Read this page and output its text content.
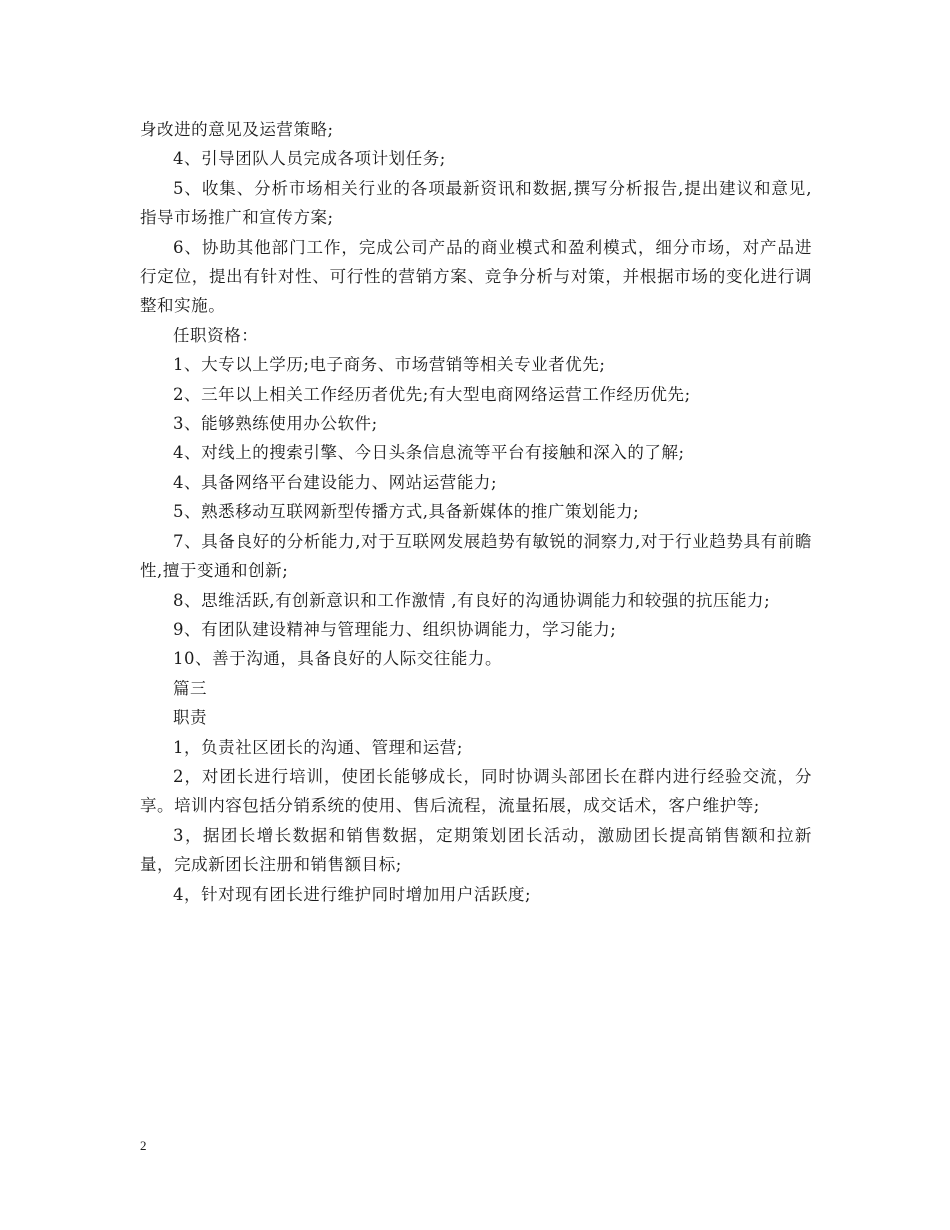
身改进的意见及运营策略;

4、引导团队人员完成各项计划任务;

5、收集、分析市场相关行业的各项最新资讯和数据,撰写分析报告,提出建议和意见,指导市场推广和宣传方案;

6、协助其他部门工作，完成公司产品的商业模式和盈利模式，细分市场，对产品进行定位，提出有针对性、可行性的营销方案、竞争分析与对策，并根据市场的变化进行调整和实施。

任职资格：

1、大专以上学历;电子商务、市场营销等相关专业者优先;

2、三年以上相关工作经历者优先;有大型电商网络运营工作经历优先;

3、能够熟练使用办公软件;

4、对线上的搜索引擎、今日头条信息流等平台有接触和深入的了解;

4、具备网络平台建设能力、网站运营能力;

5、熟悉移动互联网新型传播方式,具备新媒体的推广策划能力;

7、具备良好的分析能力,对于互联网发展趋势有敏锐的洞察力,对于行业趋势具有前瞻性,擅于变通和创新;

8、思维活跃,有创新意识和工作激情 ,有良好的沟通协调能力和较强的抗压能力;

9、有团队建设精神与管理能力、组织协调能力，学习能力;

10、善于沟通，具备良好的人际交往能力。

篇三

职责

1，负责社区团长的沟通、管理和运营;

2，对团长进行培训，使团长能够成长，同时协调头部团长在群内进行经验交流，分享。培训内容包括分销系统的使用、售后流程，流量拓展，成交话术，客户维护等;

3，据团长增长数据和销售数据，定期策划团长活动，激励团长提高销售额和拉新量，完成新团长注册和销售额目标;

4，针对现有团长进行维护同时增加用户活跃度;

2
